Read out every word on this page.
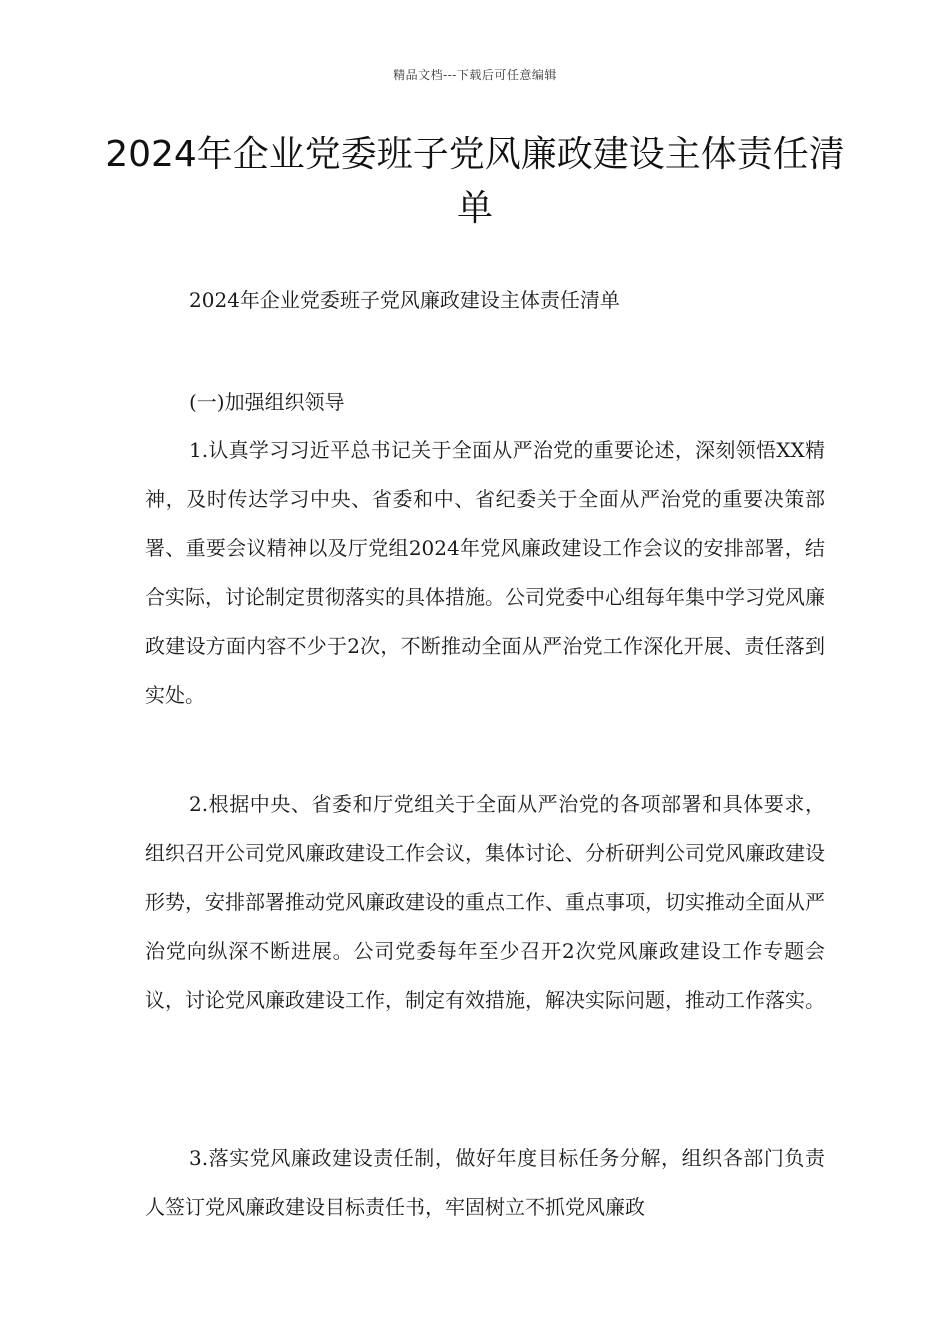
精品文档---下载后可任意编辑
2024年企业党委班子党风廉政建设主体责任清单

2024年企业党委班子党风廉政建设主体责任清单

(一)加强组织领导

1.认真学习习近平总书记关于全面从严治党的重要论述，深刻领悟XX精神，及时传达学习中央、省委和中、省纪委关于全面从严治党的重要决策部署、重要会议精神以及厅党组2024年党风廉政建设工作会议的安排部署，结合实际，讨论制定贯彻落实的具体措施。公司党委中心组每年集中学习党风廉政建设方面内容不少于2次，不断推动全面从严治党工作深化开展、责任落到实处。

2.根据中央、省委和厅党组关于全面从严治党的各项部署和具体要求，组织召开公司党风廉政建设工作会议，集体讨论、分析研判公司党风廉政建设形势，安排部署推动党风廉政建设的重点工作、重点事项，切实推动全面从严治党向纵深不断进展。公司党委每年至少召开2次党风廉政建设工作专题会议，讨论党风廉政建设工作，制定有效措施，解决实际问题，推动工作落实。

3.落实党风廉政建设责任制，做好年度目标任务分解，组织各部门负责人签订党风廉政建设目标责任书，牢固树立不抓党风廉政
